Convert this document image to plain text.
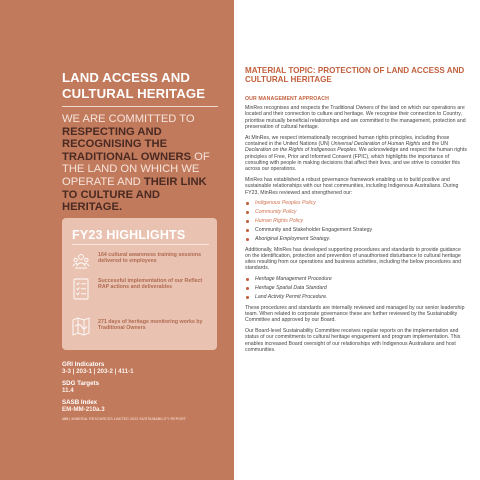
LAND ACCESS AND CULTURAL HERITAGE
WE ARE COMMITTED TO RESPECTING AND RECOGNISING THE TRADITIONAL OWNERS OF THE LAND ON WHICH WE OPERATE AND THEIR LINK TO CULTURE AND HERITAGE.
FY23 HIGHLIGHTS
164 cultural awareness training sessions delivered to employees
Successful implementation of our Reflect RAP actions and deliverables
271 days of heritage monitoring works by Traditional Owners
GRI Indicators
3-3 | 203-1 | 203-2 | 411-1
SDG Targets
11.4
SASB Index
EM-MM-210a.3
106 | MINERAL RESOURCES LIMITED 2023 SUSTAINABILITY REPORT
MATERIAL TOPIC: PROTECTION OF LAND ACCESS AND CULTURAL HERITAGE
OUR MANAGEMENT APPROACH

MinRes recognises and respects the Traditional Owners of the land on which our operations are located and their connection to culture and heritage. We recognise their connection to Country, prioritise mutually beneficial relationships and are committed to the management, protection and preservation of cultural heritage.

At MinRes, we respect internationally recognised human rights principles, including those contained in the United Nations (UN) Universal Declaration of Human Rights and the UN Declaration on the Rights of Indigenous Peoples. We acknowledge and respect the human rights principles of Free, Prior and Informed Consent (FPIC), which highlights the importance of consulting with people in making decisions that affect their lives, and we strive to consider this across our operations.

MinRes has established a robust governance framework enabling us to build positive and sustainable relationships with our host communities, including Indigenous Australians. During FY23, MinRes reviewed and strengthened our:

Indigenous Peoples Policy
Community Policy
Human Rights Policy
Community and Stakeholder Engagement Strategy
Aboriginal Employment Strategy.

Additionally, MinRes has developed supporting procedures and standards to provide guidance on the identification, protection and prevention of unauthorised disturbance to cultural heritage sites resulting from our operations and business activities, including the below procedures and standards.

Heritage Management Procedure
Heritage Spatial Data Standard
Land Activity Permit Procedure.

These procedures and standards are internally reviewed and managed by our senior leadership team. When related to corporate governance these are further reviewed by the Sustainability Committee and approved by our Board.

Our Board-level Sustainability Committee receives regular reports on the implementation and status of our commitments to cultural heritage engagement and program implementation. This enables increased Board oversight of our relationships with Indigenous Australians and host communities.
